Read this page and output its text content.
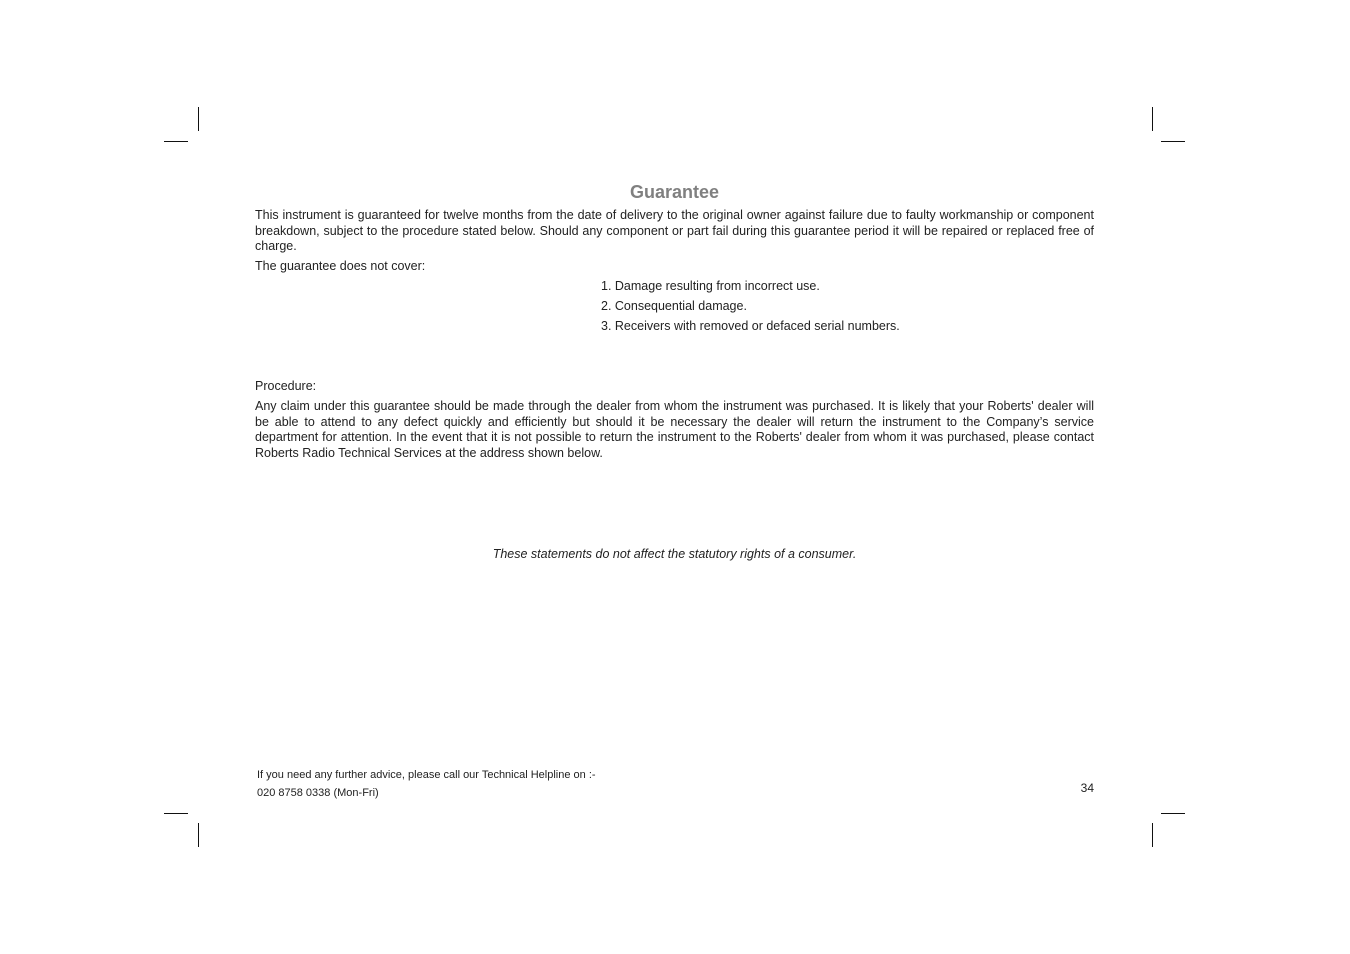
Guarantee

This instrument is guaranteed for twelve months from the date of delivery to the original owner against failure due to faulty workmanship or component breakdown, subject to the procedure stated below. Should any component or part fail during this guarantee period it will be repaired or replaced free of charge.

The guarantee does not cover:

1. Damage resulting from incorrect use.
2. Consequential damage.
3. Receivers with removed or defaced serial numbers.

Procedure:

Any claim under this guarantee should be made through the dealer from whom the instrument was purchased. It is likely that your Roberts' dealer will be able to attend to any defect quickly and efficiently but should it be necessary the dealer will return the instrument to the Company’s service department for attention. In the event that it is not possible to return the instrument to the Roberts' dealer from whom it was purchased, please contact Roberts Radio Technical Services at the address shown below.

These statements do not affect the statutory rights of a consumer.

If you need any further advice, please call our Technical Helpline on :-

020 8758 0338 (Mon-Fri)	34
